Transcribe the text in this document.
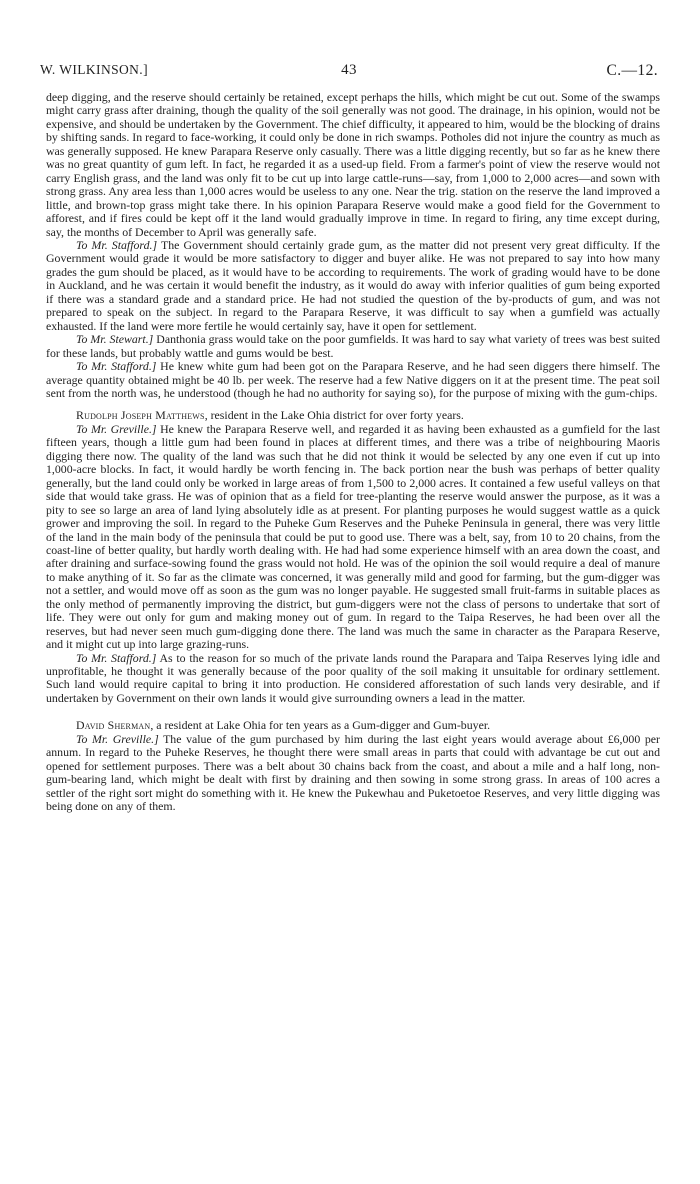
W. WILKINSON.]	43	C.—12.

deep digging, and the reserve should certainly be retained, except perhaps the hills, which might be cut out. Some of the swamps might carry grass after draining, though the quality of the soil generally was not good. The drainage, in his opinion, would not be expensive, and should be undertaken by the Government. The chief difficulty, it appeared to him, would be the blocking of drains by shifting sands. In regard to face-working, it could only be done in rich swamps. Potholes did not injure the country as much as was generally supposed. He knew Parapara Reserve only casually. There was a little digging recently, but so far as he knew there was no great quantity of gum left. In fact, he regarded it as a used-up field. From a farmer's point of view the reserve would not carry English grass, and the land was only fit to be cut up into large cattle-runs—say, from 1,000 to 2,000 acres—and sown with strong grass. Any area less than 1,000 acres would be useless to any one. Near the trig. station on the reserve the land improved a little, and brown-top grass might take there. In his opinion Parapara Reserve would make a good field for the Government to afforest, and if fires could be kept off it the land would gradually improve in time. In regard to firing, any time except during, say, the months of December to April was generally safe.

To Mr. Stafford.] The Government should certainly grade gum, as the matter did not present very great difficulty. If the Government would grade it would be more satisfactory to digger and buyer alike. He was not prepared to say into how many grades the gum should be placed, as it would have to be according to requirements. The work of grading would have to be done in Auckland, and he was certain it would benefit the industry, as it would do away with inferior qualities of gum being exported if there was a standard grade and a standard price. He had not studied the question of the by-products of gum, and was not prepared to speak on the subject. In regard to the Parapara Reserve, it was difficult to say when a gumfield was actually exhausted. If the land were more fertile he would certainly say, have it open for settlement.

To Mr. Stewart.] Danthonia grass would take on the poor gumfields. It was hard to say what variety of trees was best suited for these lands, but probably wattle and gums would be best.

To Mr. Stafford.] He knew white gum had been got on the Parapara Reserve, and he had seen diggers there himself. The average quantity obtained might be 40 lb. per week. The reserve had a few Native diggers on it at the present time. The peat soil sent from the north was, he understood (though he had no authority for saying so), for the purpose of mixing with the gum-chips.

Rudolph Joseph Matthews, resident in the Lake Ohia district for over forty years.

To Mr. Greville.] He knew the Parapara Reserve well, and regarded it as having been exhausted as a gumfield for the last fifteen years, though a little gum had been found in places at different times, and there was a tribe of neighbouring Maoris digging there now. The quality of the land was such that he did not think it would be selected by any one even if cut up into 1,000-acre blocks. In fact, it would hardly be worth fencing in. The back portion near the bush was perhaps of better quality generally, but the land could only be worked in large areas of from 1,500 to 2,000 acres. It contained a few useful valleys on that side that would take grass. He was of opinion that as a field for tree-planting the reserve would answer the purpose, as it was a pity to see so large an area of land lying absolutely idle as at present. For planting purposes he would suggest wattle as a quick grower and improving the soil. In regard to the Puheke Gum Reserves and the Puheke Peninsula in general, there was very little of the land in the main body of the peninsula that could be put to good use. There was a belt, say, from 10 to 20 chains, from the coast-line of better quality, but hardly worth dealing with. He had had some experience himself with an area down the coast, and after draining and surface-sowing found the grass would not hold. He was of the opinion the soil would require a deal of manure to make anything of it. So far as the climate was concerned, it was generally mild and good for farming, but the gum-digger was not a settler, and would move off as soon as the gum was no longer payable. He suggested small fruit-farms in suitable places as the only method of permanently improving the district, but gum-diggers were not the class of persons to undertake that sort of life. They were out only for gum and making money out of gum. In regard to the Taipa Reserves, he had been over all the reserves, but had never seen much gum-digging done there. The land was much the same in character as the Parapara Reserve, and it might cut up into large grazing-runs.

To Mr. Stafford.] As to the reason for so much of the private lands round the Parapara and Taipa Reserves lying idle and unprofitable, he thought it was generally because of the poor quality of the soil making it unsuitable for ordinary settlement. Such land would require capital to bring it into production. He considered afforestation of such lands very desirable, and if undertaken by Government on their own lands it would give surrounding owners a lead in the matter.

David Sherman, a resident at Lake Ohia for ten years as a Gum-digger and Gum-buyer.

To Mr. Greville.] The value of the gum purchased by him during the last eight years would average about £6,000 per annum. In regard to the Puheke Reserves, he thought there were small areas in parts that could with advantage be cut out and opened for settlement purposes. There was a belt about 30 chains back from the coast, and about a mile and a half long, non-gum-bearing land, which might be dealt with first by draining and then sowing in some strong grass. In areas of 100 acres a settler of the right sort might do something with it. He knew the Pukewhau and Puketoetoe Reserves, and very little digging was being done on any of them.
